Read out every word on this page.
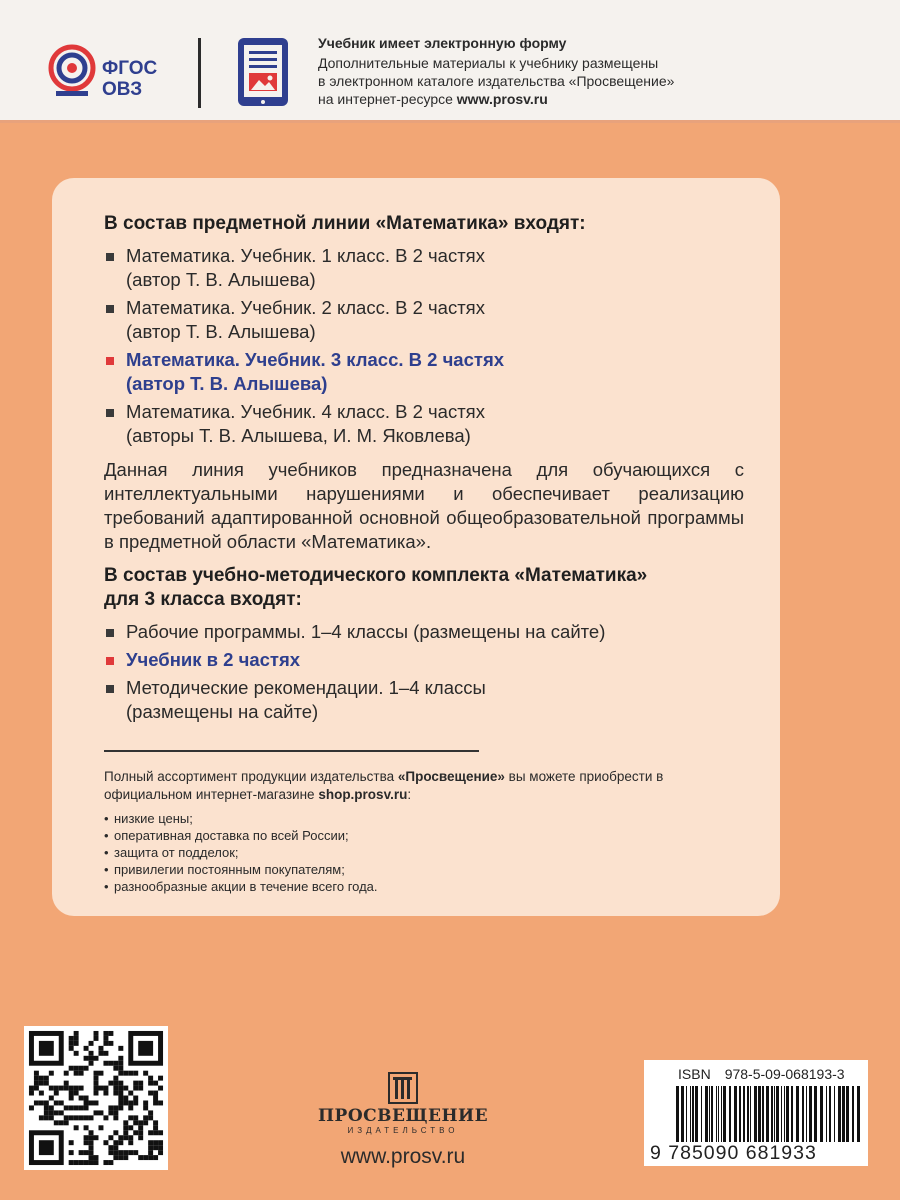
ФГОС
ОВЗ
Учебник имеет электронную форму

Дополнительные материалы к учебнику размещены

в электронном каталоге издательства «Просвещение»

на интернет-ресурсе www.prosv.ru

В состав предметной линии «Математика» входят:
Математика. Учебник. 1 класс. В 2 частях
(автор Т. В. Алышева)
Математика. Учебник. 2 класс. В 2 частях
(автор Т. В. Алышева)
Математика. Учебник. 3 класс. В 2 частях
(автор Т. В. Алышева)
Математика. Учебник. 4 класс. В 2 частях
(авторы Т. В. Алышева, И. М. Яковлева)
Данная линия учебников предназначена для обучающихся с интеллектуальными нарушениями и обеспечивает реализацию требований адаптированной основной общеобразовательной программы в предметной области «Математика».
В состав учебно-методического комплекта «Математика»
для 3 класса входят:
Рабочие программы. 1–4 классы (размещены на сайте)
Учебник в 2 частях
Методические рекомендации. 1–4 классы
(размещены на сайте)

Полный ассортимент продукции издательства «Просвещение» вы можете приобрести в официальном интернет-магазине shop.prosv.ru:

• низкие цены;
• оперативная доставка по всей России;
• защита от подделок;
• привилегии постоянным покупателям;
• разнообразные акции в течение всего года.
ПРОСВЕЩЕНИЕ
ИЗДАТЕЛЬСТВО
www.prosv.ru
ISBN 978-5-09-068193-3
9 785090 681933
